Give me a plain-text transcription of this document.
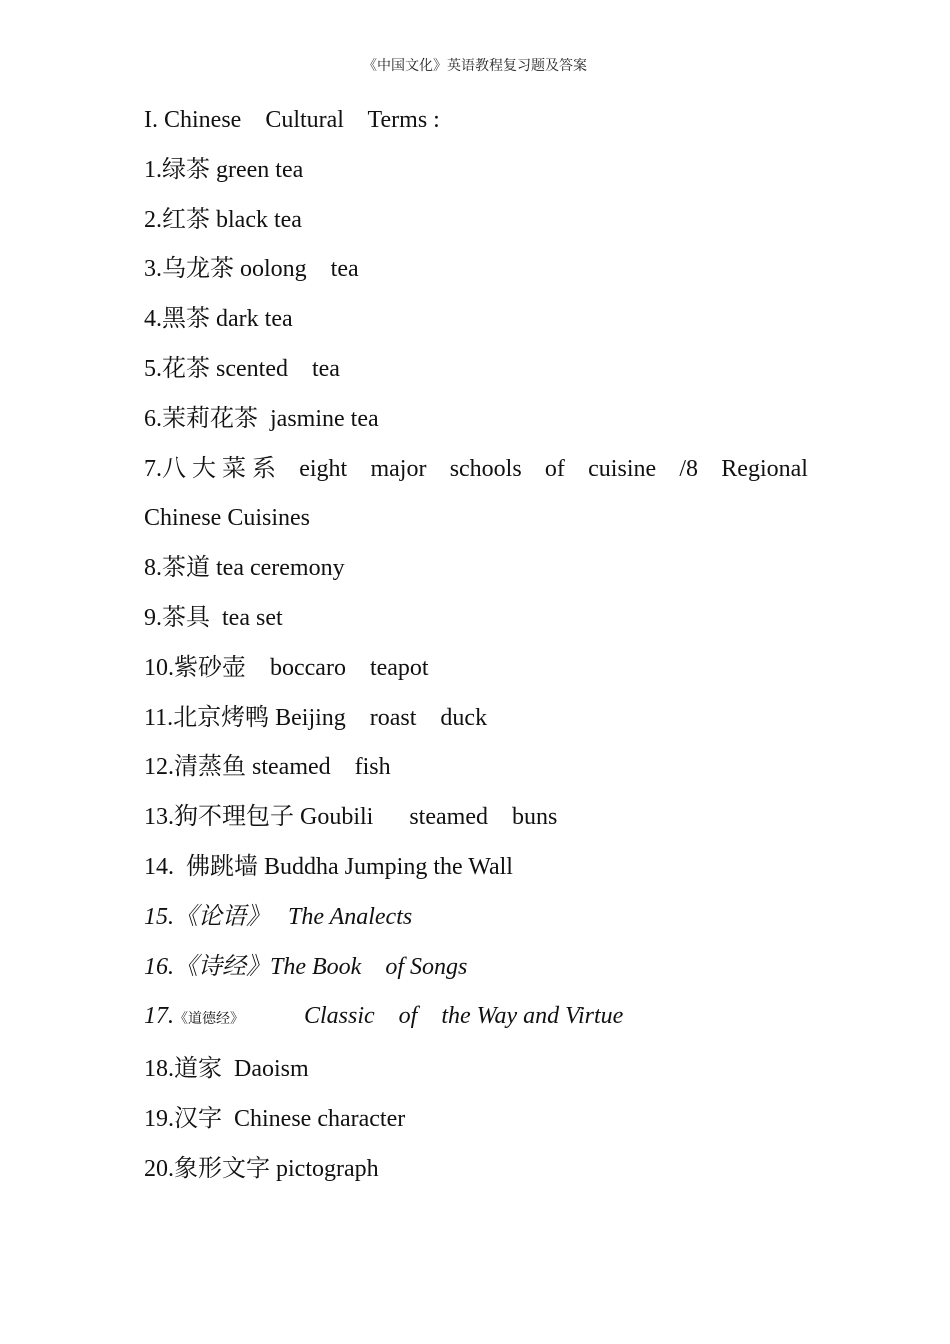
《中国文化》英语教程复习题及答案
I. Chinese    Cultural    Terms :
1.绿茶 green tea
2.红茶 black tea
3.乌龙茶 oolong    tea
4.黑茶 dark tea
5.花茶 scented    tea
6.茉莉花茶  jasmine tea
7.八 大 菜 系 eight major schools of cuisine /8 Regional
Chinese Cuisines
8.茶道 tea ceremony
9.茶具  tea set
10.紫砂壶    boccaro    teapot
11.北京烤鸭 Beijing    roast    duck
12.清蒸鱼 steamed    fish
13.狗不理包子 Goubili      steamed    buns
14.  佛跳墙 Buddha Jumping the Wall
15.《论语》   The Analects
16.《诗经》The Book    of Songs
17.《道德经》          Classic    of    the Way and Virtue
18.道家  Daoism
19.汉字  Chinese character
20.象形文字 pictograph
